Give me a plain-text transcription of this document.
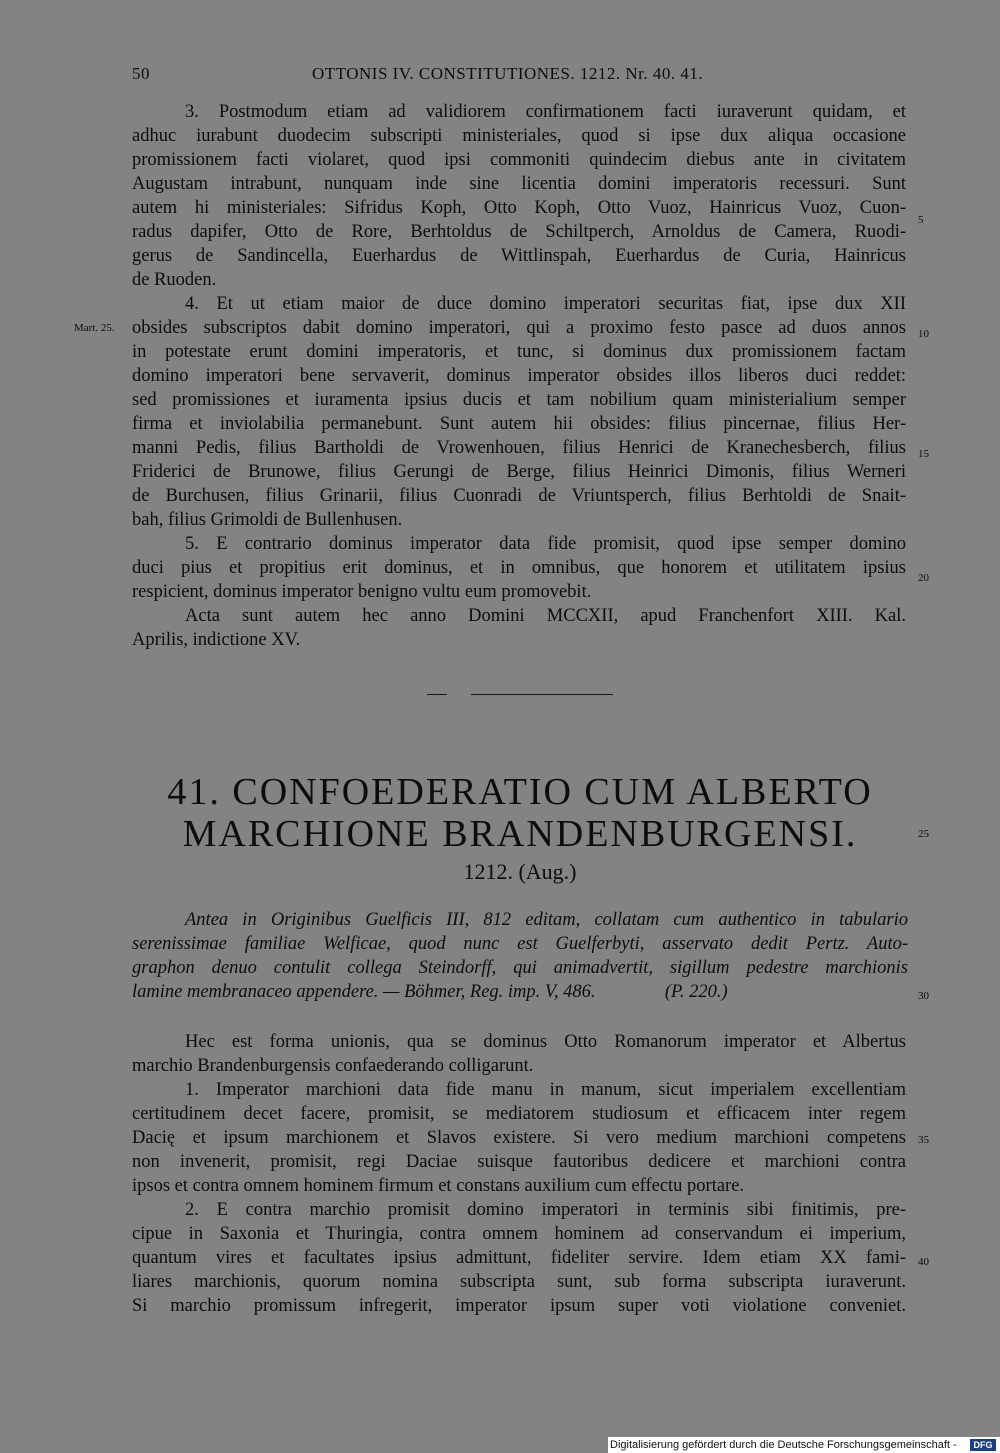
50	OTTONIS IV. CONSTITUTIONES. 1212. Nr. 40. 41.
3. Postmodum etiam ad validiorem confirmationem facti iuraverunt quidam, et
adhuc iurabunt duodecim subscripti ministeriales, quod si ipse dux aliqua occasione
promissionem facti violaret, quod ipsi commoniti quindecim diebus ante in civitatem
Augustam intrabunt, nunquam inde sine licentia domini imperatoris recessuri. Sunt
autem hi ministeriales: Sifridus Koph, Otto Koph, Otto Vuoz, Hainricus Vuoz, Cuon-
radus dapifer, Otto de Rore, Berhtoldus de Schiltperch, Arnoldus de Camera, Ruodi-
gerus de Sandincella, Euerhardus de Wittlinspah, Euerhardus de Curia, Hainricus
de Ruoden.
4. Et ut etiam maior de duce domino imperatori securitas fiat, ipse dux XII
obsides subscriptos dabit domino imperatori, qui a proximo festo pasce ad duos annos
in potestate erunt domini imperatoris, et tunc, si dominus dux promissionem factam
domino imperatori bene servaverit, dominus imperator obsides illos liberos duci reddet:
sed promissiones et iuramenta ipsius ducis et tam nobilium quam ministerialium semper
firma et inviolabilia permanebunt. Sunt autem hii obsides: filius pincernae, filius Her-
manni Pedis, filius Bartholdi de Vrowenhouen, filius Henrici de Kranechesberch, filius
Friderici de Brunowe, filius Gerungi de Berge, filius Heinrici Dimonis, filius Werneri
de Burchusen, filius Grinarii, filius Cuonradi de Vriuntsperch, filius Berhtoldi de Snait-
bah, filius Grimoldi de Bullenhusen.
5. E contrario dominus imperator data fide promisit, quod ipse semper domino
duci pius et propitius erit dominus, et in omnibus, que honorem et utilitatem ipsius
respicient, dominus imperator benigno vultu eum promovebit.
Acta sunt autem hec anno Domini MCCXII, apud Franchenfort XIII. Kal.
Aprilis, indictione XV.
Mart. 25.
5
10
15
20
41. CONFOEDERATIO CUM ALBERTO
MARCHIONE BRANDENBURGENSI.
1212. (Aug.)
Antea in Originibus Guelficis III, 812 editam, collatam cum authentico in tabulario
serenissimae familiae Welficae, quod nunc est Guelferbyti, asservato dedit Pertz. Auto-
graphon denuo contulit collega Steindorff, qui animadvertit, sigillum pedestre marchionis
lamine membranaceo appendere. — Böhmer, Reg. imp. V, 486.               (P. 220.)
Hec est forma unionis, qua se dominus Otto Romanorum imperator et Albertus
marchio Brandenburgensis confaederando colligarunt.
1. Imperator marchioni data fide manu in manum, sicut imperialem excellentiam
certitudinem decet facere, promisit, se mediatorem studiosum et efficacem inter regem
Dacię et ipsum marchionem et Slavos existere. Si vero medium marchioni competens
non invenerit, promisit, regi Daciae suisque fautoribus dedicere et marchioni contra
ipsos et contra omnem hominem firmum et constans auxilium cum effectu portare.
2. E contra marchio promisit domino imperatori in terminis sibi finitimis, pre-
cipue in Saxonia et Thuringia, contra omnem hominem ad conservandum ei imperium,
quantum vires et facultates ipsius admittunt, fideliter servire. Idem etiam XX fami-
liares marchionis, quorum nomina subscripta sunt, sub forma subscripta iuraverunt.
Si marchio promissum infregerit, imperator ipsum super voti violatione conveniet.
25
30
35
40
Digitalisierung gefördert durch die Deutsche Forschungsgemeinschaft -	DFG
